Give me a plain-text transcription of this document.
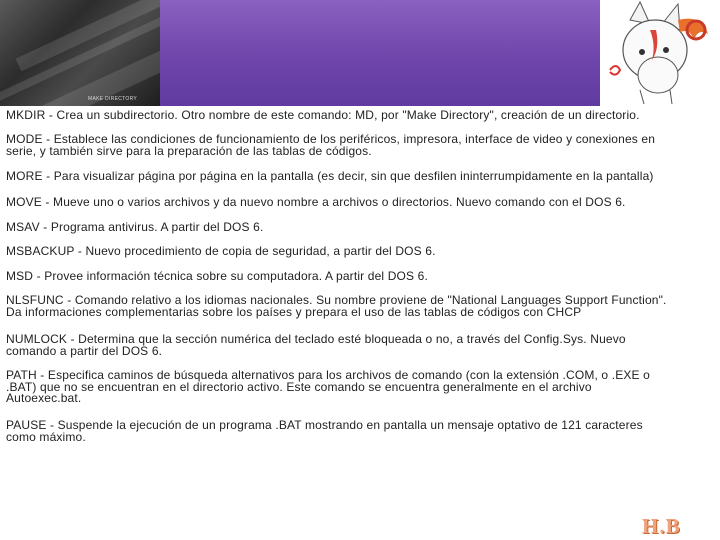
MAKE DIRECTORY

MKDIR - Crea un subdirectorio. Otro nombre de este comando: MD, por "Make Directory", creación de un directorio.

MODE - Establece las condiciones de funcionamiento de los periféricos, impresora, interface de video y conexiones en
serie, y también sirve para la preparación de las tablas de códigos.

MORE - Para visualizar página por página en la pantalla (es decir, sin que desfilen ininterrumpidamente en la pantalla)

MOVE - Mueve uno o varios archivos y da nuevo nombre a archivos o directorios. Nuevo comando con el DOS 6.

MSAV - Programa antivirus. A partir del DOS 6.

MSBACKUP - Nuevo procedimiento de copia de seguridad, a partir del DOS 6.

MSD - Provee información técnica sobre su computadora. A partir del DOS 6.

NLSFUNC - Comando relativo a los idiomas nacionales. Su nombre proviene de "National Languages Support Function".
Da informaciones complementarias sobre los países y prepara el uso de las tablas de códigos con CHCP

NUMLOCK - Determina que la sección numérica del teclado esté bloqueada o no, a través del Config.Sys. Nuevo
comando a partir del DOS 6.

PATH - Especifica caminos de búsqueda alternativos para los archivos de comando (con la extensión .COM, o .EXE o
.BAT) que no se encuentran en el directorio activo. Este comando se encuentra generalmente en el archivo
Autoexec.bat.

PAUSE - Suspende la ejecución de un programa .BAT mostrando en pantalla un mensaje optativo de 121 caracteres
como máximo.

H.B
